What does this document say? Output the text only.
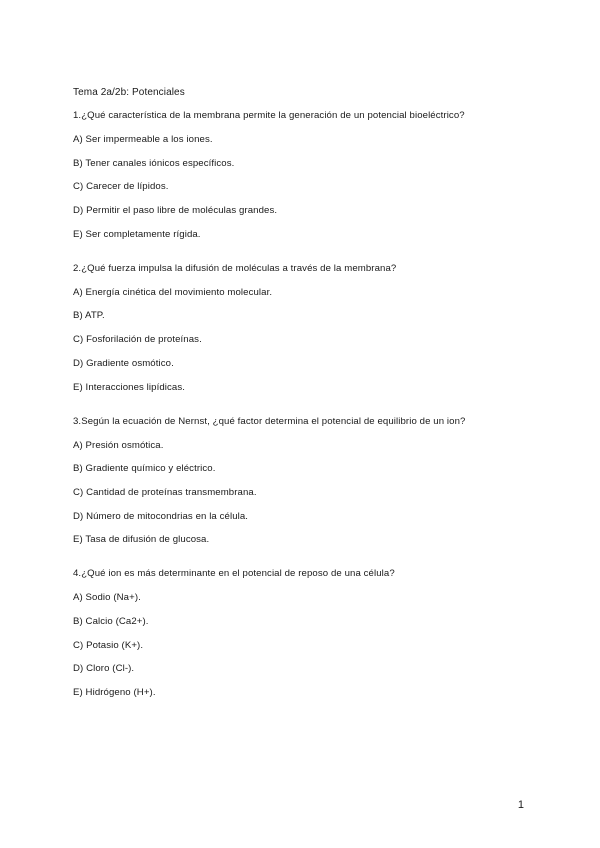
Tema 2a/2b: Potenciales
1.¿Qué característica de la membrana permite la generación de un potencial bioeléctrico?
A) Ser impermeable a los iones.
B) Tener canales iónicos específicos.
C) Carecer de lípidos.
D) Permitir el paso libre de moléculas grandes.
E) Ser completamente rígida.
2.¿Qué fuerza impulsa la difusión de moléculas a través de la membrana?
A) Energía cinética del movimiento molecular.
B) ATP.
C) Fosforilación de proteínas.
D) Gradiente osmótico.
E) Interacciones lipídicas.
3.Según la ecuación de Nernst, ¿qué factor determina el potencial de equilibrio de un ion?
A) Presión osmótica.
B) Gradiente químico y eléctrico.
C) Cantidad de proteínas transmembrana.
D) Número de mitocondrias en la célula.
E) Tasa de difusión de glucosa.
4.¿Qué ion es más determinante en el potencial de reposo de una célula?
A) Sodio (Na+).
B) Calcio (Ca2+).
C) Potasio (K+).
D) Cloro (Cl-).
E) Hidrógeno (H+).
1
